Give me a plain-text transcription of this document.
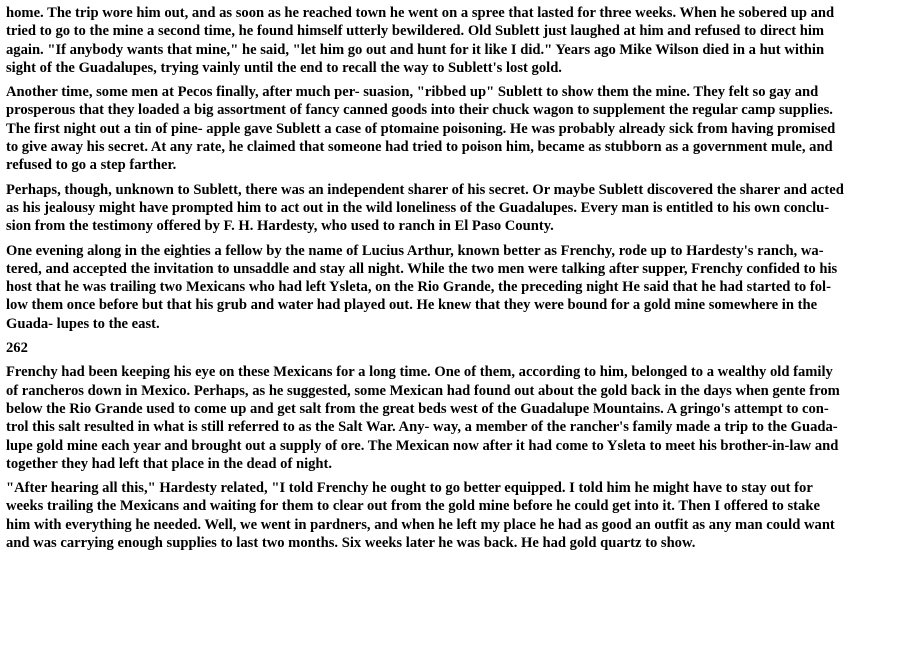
home. The trip wore him out, and as soon as he reached town he went on a spree that lasted for three weeks. When he sobered up and
tried to go to the mine a second time, he found himself utterly bewildered. Old Sublett just laughed at him and refused to direct him
again. "If anybody wants that mine," he said, "let him go out and hunt for it like I did." Years ago Mike Wilson died in a hut within
sight of the Guadalupes, trying vainly until the end to recall the way to Sublett's lost gold.
Another time, some men at Pecos finally, after much per- suasion, "ribbed up" Sublett to show them the mine. They felt so gay and
prosperous that they loaded a big assortment of fancy canned goods into their chuck wagon to supplement the regular camp supplies.
The first night out a tin of pine- apple gave Sublett a case of ptomaine poisoning. He was probably already sick from having promised
to give away his secret. At any rate, he claimed that someone had tried to poison him, became as stubborn as a government mule, and
refused to go a step farther.
Perhaps, though, unknown to Sublett, there was an independent sharer of his secret. Or maybe Sublett discovered the sharer and acted
as his jealousy might have prompted him to act out in the wild loneliness of the Guadalupes. Every man is entitled to his own conclu-
sion from the testimony offered by F. H. Hardesty, who used to ranch in El Paso County.
One evening along in the eighties a fellow by the name of Lucius Arthur, known better as Frenchy, rode up to Hardesty's ranch, wa-
tered, and accepted the invitation to unsaddle and stay all night. While the two men were talking after supper, Frenchy confided to his
host that he was trailing two Mexicans who had left Ysleta, on the Rio Grande, the preceding night He said that he had started to fol-
low them once before but that his grub and water had played out. He knew that they were bound for a gold mine somewhere in the
Guada- lupes to the east.
262
Frenchy had been keeping his eye on these Mexicans for a long time. One of them, according to him, belonged to a wealthy old family
of rancheros down in Mexico. Perhaps, as he suggested, some Mexican had found out about the gold back in the days when gente from
below the Rio Grande used to come up and get salt from the great beds west of the Guadalupe Mountains. A gringo's attempt to con-
trol this salt resulted in what is still referred to as the Salt War. Any- way, a member of the rancher's family made a trip to the Guada-
lupe gold mine each year and brought out a supply of ore. The Mexican now after it had come to Ysleta to meet his brother-in-law and
together they had left that place in the dead of night.
"After hearing all this," Hardesty related, "I told Frenchy he ought to go better equipped. I told him he might have to stay out for
weeks trailing the Mexicans and waiting for them to clear out from the gold mine before he could get into it. Then I offered to stake
him with everything he needed. Well, we went in pardners, and when he left my place he had as good an outfit as any man could want
and was carrying enough supplies to last two months. Six weeks later he was back. He had gold quartz to show.
